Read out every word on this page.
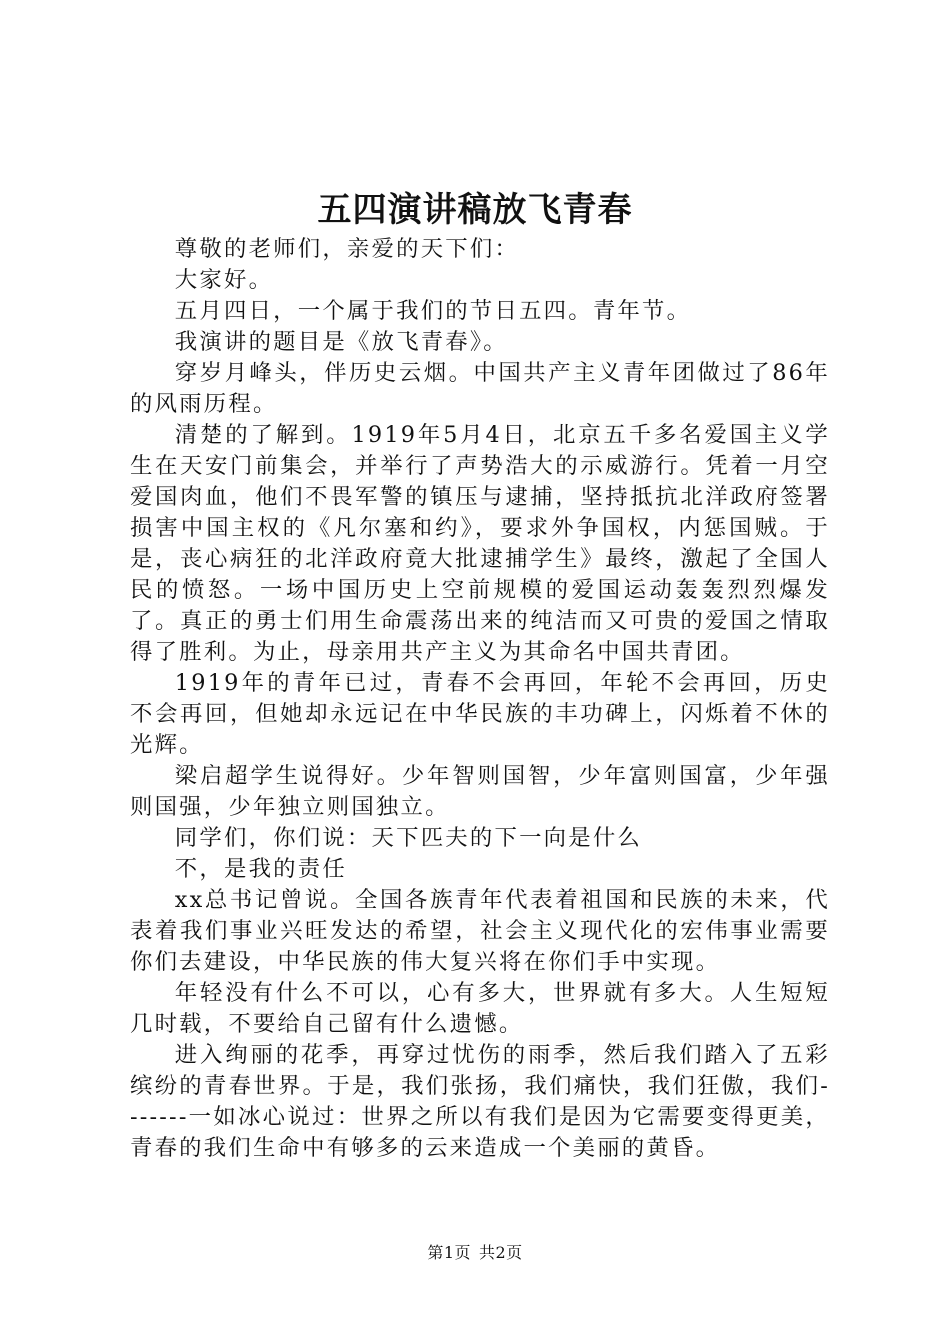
五四演讲稿放飞青春

尊敬的老师们，亲爱的天下们：

大家好。

五月四日，一个属于我们的节日五四。青年节。

我演讲的题目是《放飞青春》。

穿岁月峰头，伴历史云烟。中国共产主义青年团做过了86年的风雨历程。

清楚的了解到。1919年5月4日，北京五千多名爱国主义学生在天安门前集会，并举行了声势浩大的示威游行。凭着一月空爱国肉血，他们不畏军警的镇压与逮捕，坚持抵抗北洋政府签署损害中国主权的《凡尔塞和约》，要求外争国权，内惩国贼。于是，丧心病狂的北洋政府竟大批逮捕学生》最终，激起了全国人民的愤怒。一场中国历史上空前规模的爱国运动轰轰烈烈爆发了。真正的勇士们用生命震荡出来的纯洁而又可贵的爱国之情取得了胜利。为止，母亲用共产主义为其命名中国共青团。

1919年的青年已过，青春不会再回，年轮不会再回，历史不会再回，但她却永远记在中华民族的丰功碑上，闪烁着不休的光辉。

梁启超学生说得好。少年智则国智，少年富则国富，少年强则国强，少年独立则国独立。

同学们，你们说：天下匹夫的下一向是什么

不，是我的责任

xx总书记曾说。全国各族青年代表着祖国和民族的未来，代表着我们事业兴旺发达的希望，社会主义现代化的宏伟事业需要你们去建设，中华民族的伟大复兴将在你们手中实现。

年轻没有什么不可以，心有多大，世界就有多大。人生短短几时载，不要给自己留有什么遗憾。

进入绚丽的花季，再穿过忧伤的雨季，然后我们踏入了五彩缤纷的青春世界。于是，我们张扬，我们痛快，我们狂傲，我们-------一如冰心说过：世界之所以有我们是因为它需要变得更美，青春的我们生命中有够多的云来造成一个美丽的黄昏。

第1页 共2页
